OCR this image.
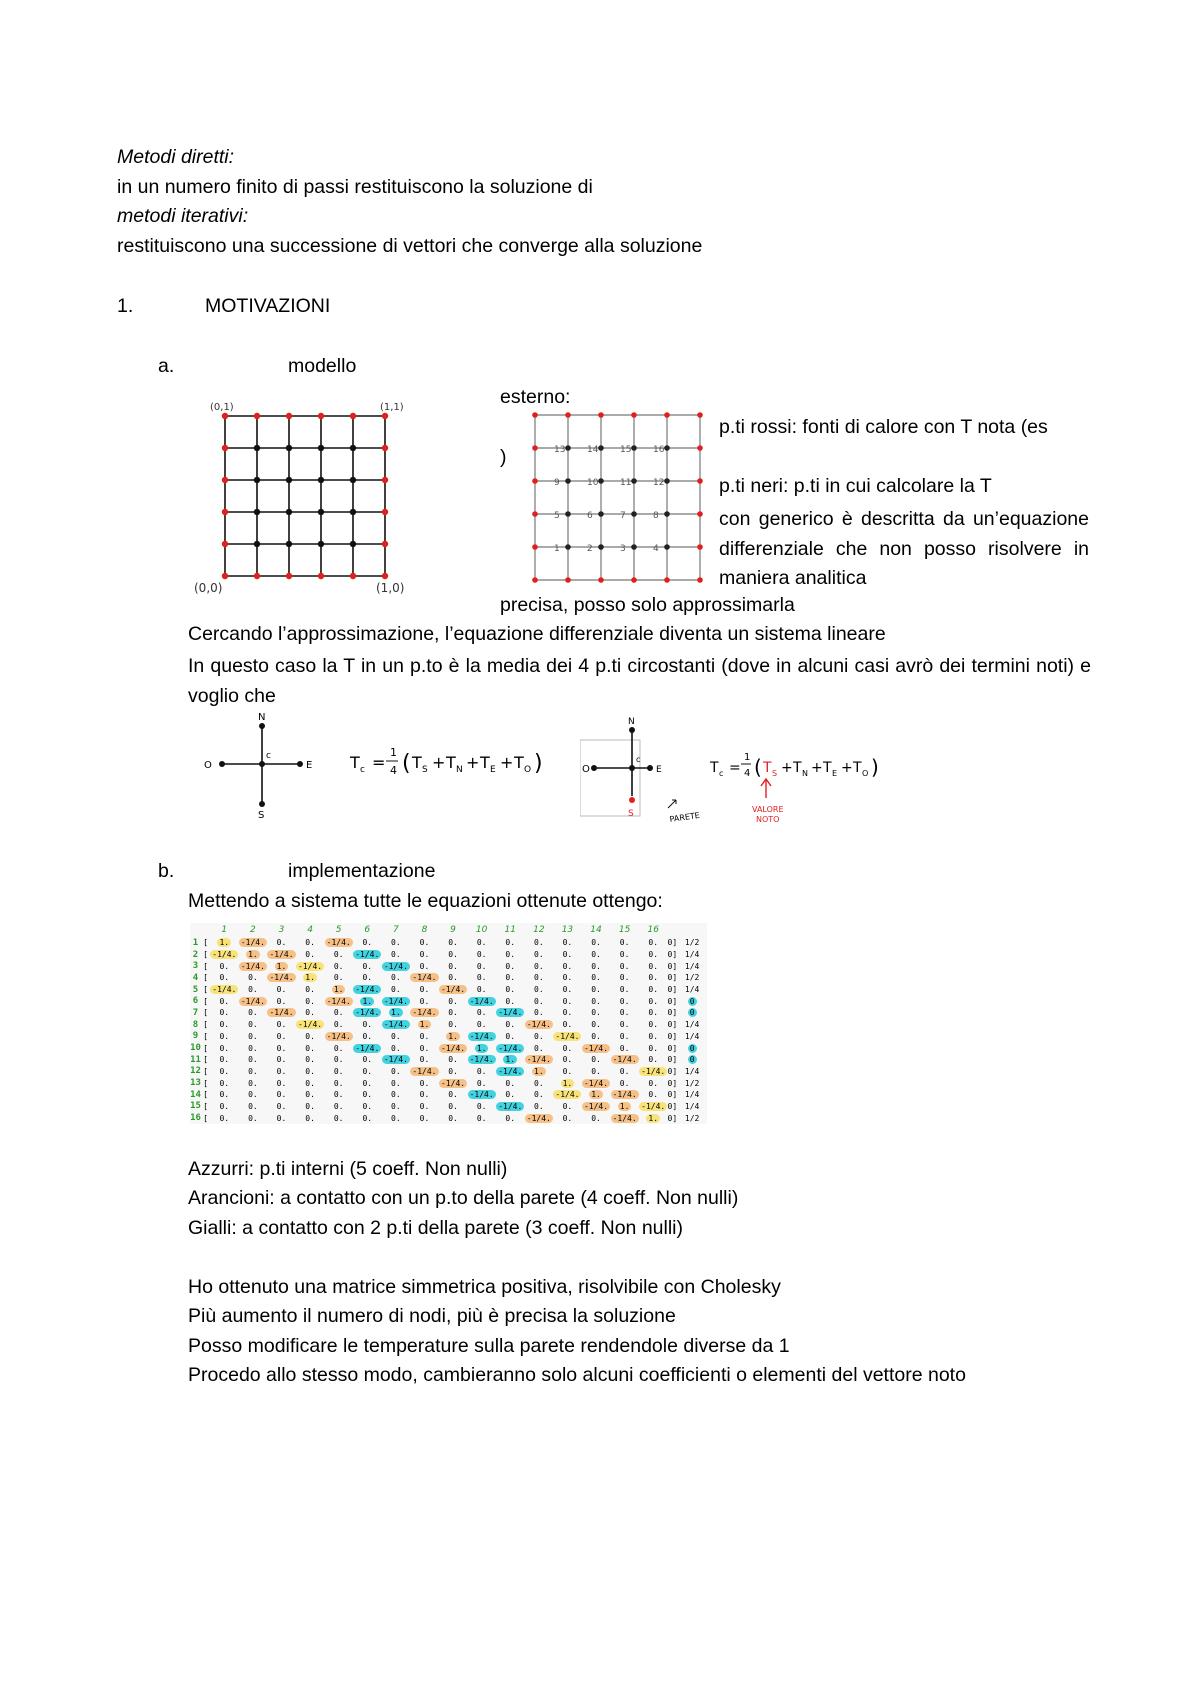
Metodi diretti:
in un numero finito di passi restituiscono la soluzione di
metodi iterativi:
restituiscono una successione di vettori che converge alla soluzione
1.	MOTIVAZIONI
a.	modello
(0,1)	(1,1)
(0,0)	(1,0)
13 14 15 16
9	10 11 12
5	6	7	8
1	2	3	4
esterno:
p.ti rossi: fonti di calore con T nota (es
)
p.ti neri: p.ti in cui calcolare la T
con generico è descritta da un’equazione differenziale che non posso risolvere in maniera analitica
precisa, posso solo approssimarla
Cercando l’approssimazione, l’equazione differenziale diventa un sistema lineare
In questo caso la T in un p.to è la media dei 4 p.ti circostanti (dove in alcuni casi avrò dei termini noti) e voglio che
O	E
N
S
c	T c =
1
4 ( T S + T N + T E + T O )	O	E
N
c
S	PARETE
T c =
1
4 ( T S + T N + T E + T O )
VALORE
NOTO
b.	implementazione
Mettendo a sistema tutte le equazioni ottenute ottengo:
		1	2	3	4	5	6	7	8	9	10	11	12	13	14	15	16		
1	[	1.	-1/4.	0.	0.	-1/4.	0.	0.	0.	0.	0.	0.	0.	0.	0.	0.	0.	0]	1/2
2	[	-1/4.	1.	-1/4.	0.	0.	-1/4.	0.	0.	0.	0.	0.	0.	0.	0.	0.	0.	0]	1/4
3	[	0.	-1/4.	1.	-1/4.	0.	0.	-1/4.	0.	0.	0.	0.	0.	0.	0.	0.	0.	0]	1/4
4	[	0.	0.	-1/4.	1.	0.	0.	0.	-1/4.	0.	0.	0.	0.	0.	0.	0.	0.	0]	1/2
5	[	-1/4.	0.	0.	0.	1.	-1/4.	0.	0.	-1/4.	0.	0.	0.	0.	0.	0.	0.	0]	1/4
6	[	0.	-1/4.	0.	0.	-1/4.	1.	-1/4.	0.	0.	-1/4.	0.	0.	0.	0.	0.	0.	0]	0
7	[	0.	0.	-1/4.	0.	0.	-1/4.	1.	-1/4.	0.	0.	-1/4.	0.	0.	0.	0.	0.	0]	0
8	[	0.	0.	0.	-1/4.	0.	0.	-1/4.	1.	0.	0.	0.	-1/4.	0.	0.	0.	0.	0]	1/4
9	[	0.	0.	0.	0.	-1/4.	0.	0.	0.	1.	-1/4.	0.	0.	-1/4.	0.	0.	0.	0]	1/4
10	[	0.	0.	0.	0.	0.	-1/4.	0.	0.	-1/4.	1.	-1/4.	0.	0.	-1/4.	0.	0.	0]	0
11	[	0.	0.	0.	0.	0.	0.	-1/4.	0.	0.	-1/4.	1.	-1/4.	0.	0.	-1/4.	0.	0]	0
12	[	0.	0.	0.	0.	0.	0.	0.	-1/4.	0.	0.	-1/4.	1.	0.	0.	0.	-1/4.	0]	1/4
13	[	0.	0.	0.	0.	0.	0.	0.	0.	-1/4.	0.	0.	0.	1.	-1/4.	0.	0.	0]	1/2
14	[	0.	0.	0.	0.	0.	0.	0.	0.	0.	-1/4.	0.	0.	-1/4.	1.	-1/4.	0.	0]	1/4
15	[	0.	0.	0.	0.	0.	0.	0.	0.	0.	0.	-1/4.	0.	0.	-1/4.	1.	-1/4.	0]	1/4
16	[	0.	0.	0.	0.	0.	0.	0.	0.	0.	0.	0.	-1/4.	0.	0.	-1/4.	1.	0]	1/2
Azzurri: p.ti interni (5 coeff. Non nulli)
Arancioni: a contatto con un p.to della parete (4 coeff. Non nulli)
Gialli: a contatto con 2 p.ti della parete (3 coeff. Non nulli)
Ho ottenuto una matrice simmetrica positiva, risolvibile con Cholesky
Più aumento il numero di nodi, più è precisa la soluzione
Posso modificare le temperature sulla parete rendendole diverse da 1
Procedo allo stesso modo, cambieranno solo alcuni coefficienti o elementi del vettore noto
